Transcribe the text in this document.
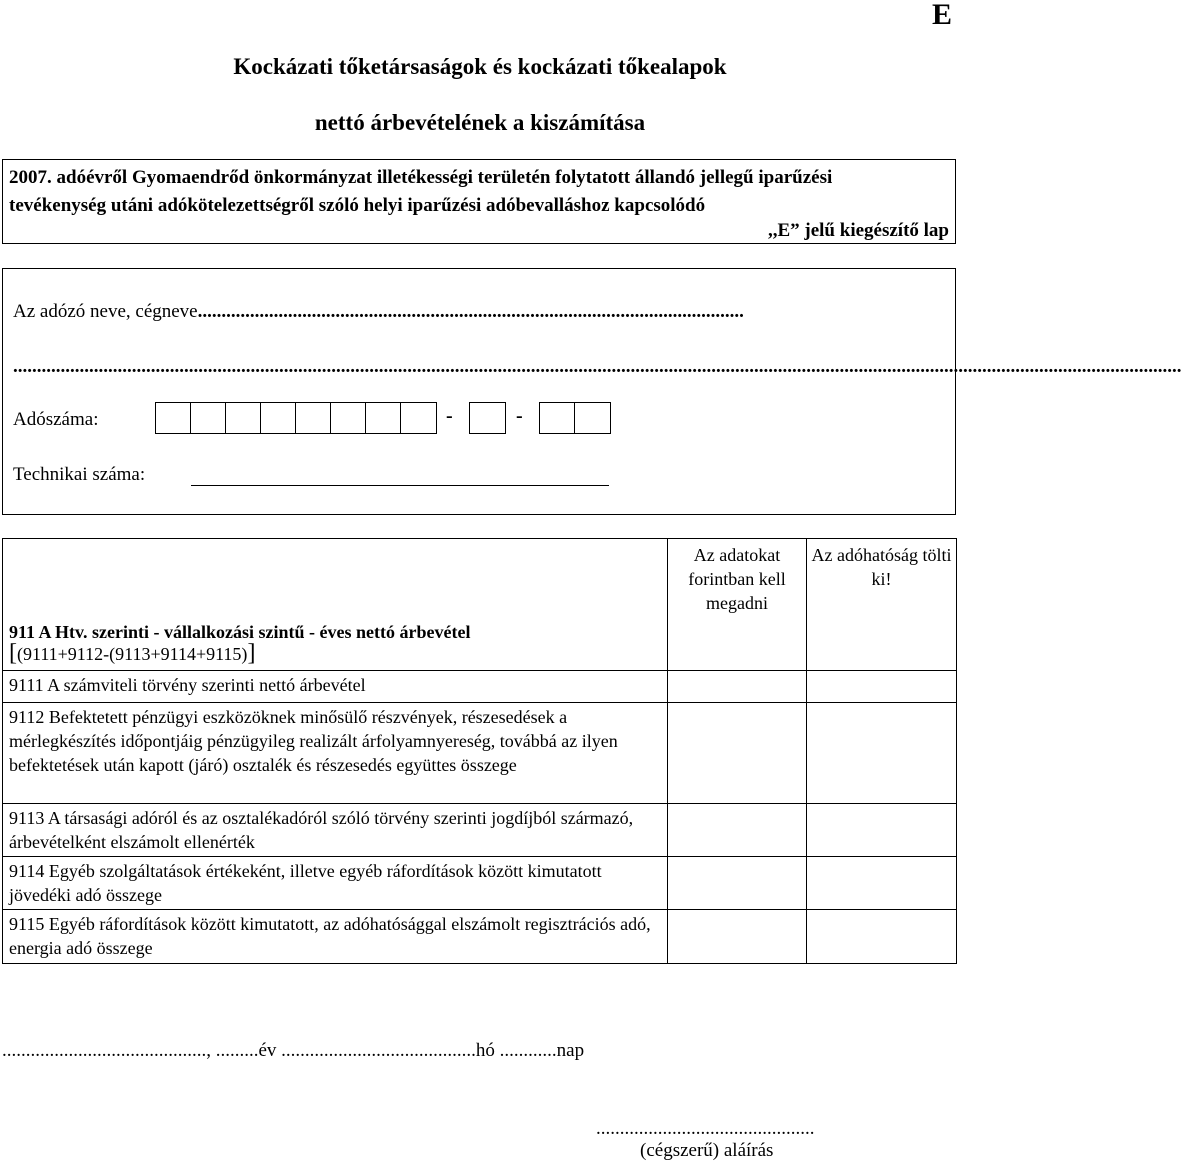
E
Kockázati tőketársaságok és kockázati tőkealapok
nettó árbevételének a kiszámítása
2007. adóévről Gyomaendrőd önkormányzat illetékességi területén folytatott állandó jellegű iparűzési
tevékenység utáni adókötelezettségről szóló helyi iparűzési adóbevalláshoz kapcsolódó
,,E” jelű kiegészítő lap
Az adózó neve, cégneve...................................................................................................................
......................................................................................................................................................................................................................................................
Adószáma:	-	-
Technikai száma:
911 A Htv. szerinti - vállalkozási szintű - éves nettó árbevétel
[(9111+9112-(9113+9114+9115)]	Az adatokat forintban kell megadni	Az adóhatóság tölti ki!
9111 A számviteli törvény szerinti nettó árbevétel		
9112 Befektetett pénzügyi eszközöknek minősülő részvények, részesedések a mérlegkészítés időpontjáig pénzügyileg realizált árfolyamnyereség, továbbá az ilyen befektetések után kapott (járó) osztalék és részesedés együttes összege		
9113 A társasági adóról és az osztalékadóról szóló törvény szerinti jogdíjból származó, árbevételként elszámolt ellenérték		
9114 Egyéb szolgáltatások értékeként, illetve egyéb ráfordítások között kimutatott jövedéki adó összege		
9115 Egyéb ráfordítások között kimutatott, az adóhatósággal elszámolt regisztrációs adó, energia adó összege		
..........................................., .........év .........................................hó ............nap
..............................................
(cégszerű) aláírás
